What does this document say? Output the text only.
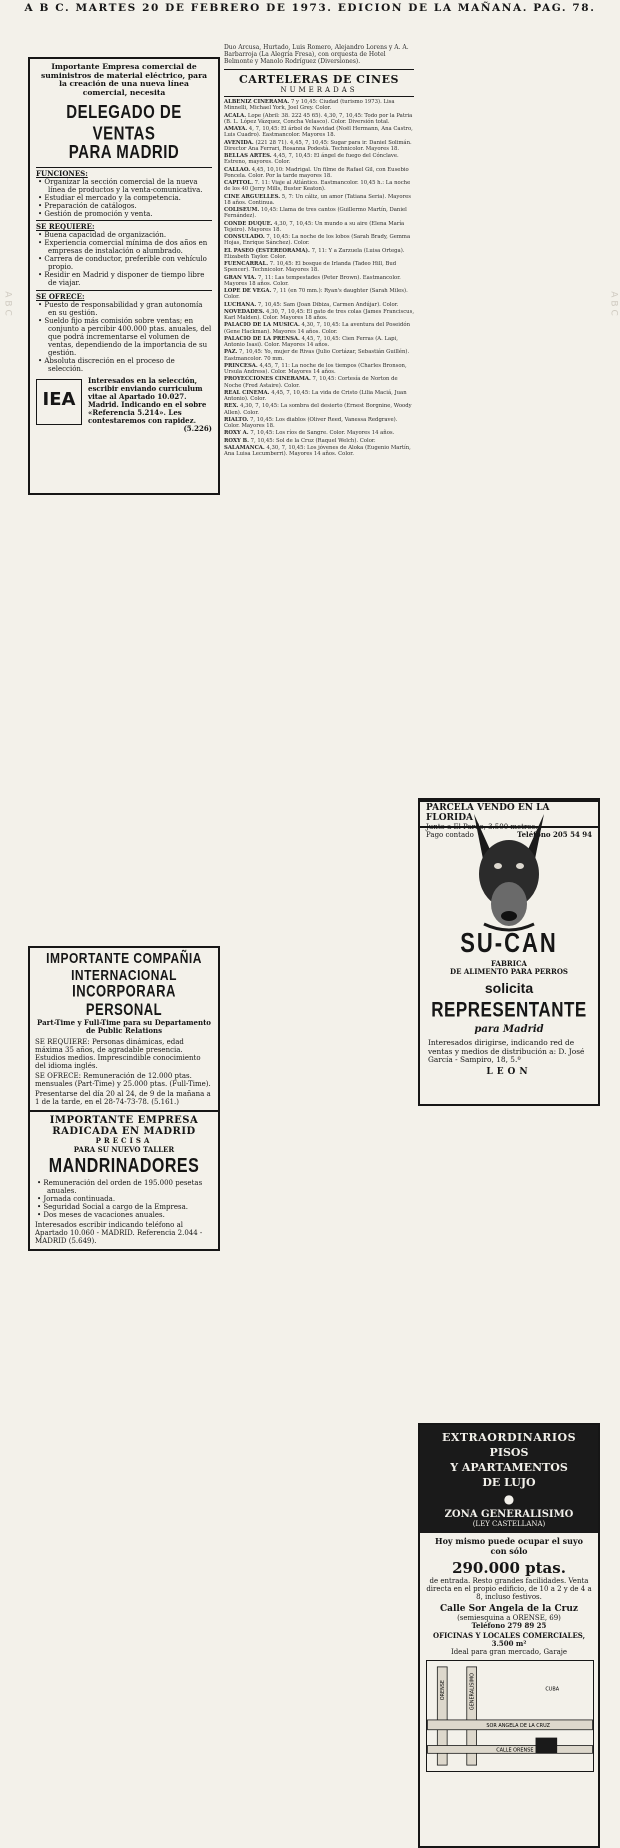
A B C. MARTES 20 DE FEBRERO DE 1973. EDICION DE LA MAÑANA. PAG. 78.
ABC	ABC

Importante Empresa comercial de suministros de material eléctrico, para la creación de una nueva línea comercial, necesita

DELEGADO DE VENTAS

PARA MADRID

FUNCIONES:

• Organizar la sección comercial de la nueva línea de productos y la venta-comunicativa.

• Estudiar el mercado y la competencia.

• Preparación de catálogos.

• Gestión de promoción y venta.

SE REQUIERE:

• Buena capacidad de organización.

• Experiencia comercial mínima de dos años en empresas de instalación o alumbrado.

• Carrera de conductor, preferible con vehículo propio.

• Residir en Madrid y disponer de tiempo libre de viajar.

SE OFRECE:

• Puesto de responsabilidad y gran autonomía en su gestión.

• Sueldo fijo más comisión sobre ventas; en conjunto a percibir 400.000 ptas. anuales, del que podrá incrementarse el volumen de ventas, dependiendo de la importancia de su gestión.

• Absoluta discreción en el proceso de selección.

IEA

Interesados en la selección, escribir enviando curriculum vitae al Apartado 10.027. Madrid. Indicando en el sobre «Referencia 5.214». Les contestaremos con rapidez.

(5.226)

IMPORTANTE COMPAÑIA

INTERNACIONAL

INCORPORARA PERSONAL

Part-Time y Full-Time para su Departamento de Public Relations

SE REQUIERE: Personas dinámicas, edad máxima 35 años, de agradable presencia. Estudios medios. Imprescindible conocimiento del idioma inglés.

SE OFRECE: Remuneración de 12.000 ptas. mensuales (Part-Time) y 25.000 ptas. (Full-Time).

Presentarse del día 20 al 24, de 9 de la mañana a 1 de la tarde, en el 28-74-73-78. (5.161.)

IMPORTANTE EMPRESA

RADICADA EN MADRID

PRECISA

PARA SU NUEVO TALLER

MANDRINADORES

• Remuneración del orden de 195.000 pesetas anuales.

• Jornada continuada.

• Seguridad Social a cargo de la Empresa.

• Dos meses de vacaciones anuales.

Interesados escribir indicando teléfono al Apartado 10.060 - MADRID. Referencia 2.044 - MADRID (5.649).

Duo Arcusa, Hurtado, Luis Romero, Alejandro Lorens y A. A. Barbarroja (La Alegría Fresa), con orquesta de Hotel Belmonte y Manolo Rodríguez (Diversiones).

CARTELERAS DE CINES

NUMERADAS

ALBENIZ CINERAMA. 7 y 10,45: Ciudad (turismo 1973). Lisa Minnelli, Michael York, Joel Grey. Color.

ACALA. Lope (Abril: 38. 222 45 65). 4,30, 7, 10,45: Todo por la Patria (B. L. López Vázquez, Concha Velasco). Color. Diversión total.

AMAYA. 4, 7, 10,45: El árbol de Navidad (Noël Hermann, Ana Castro, Luis Cuadro). Eastmancolor. Mayores 18.

AVENIDA. (221 28 71). 4,45, 7, 10,45: Sugar para ir. Daniel Solimán. Director Ana Ferrari, Rosanna Podestà. Technicolor. Mayores 18.

BELLAS ARTES. 4,45, 7, 10,45: El ángel de fuego del Cónclave. Estreno, mayores. Color.

CALLAO. 4,45, 10,10: Madrigal. Un filme de Rafael Gil, con Eusebio Poncela. Color. Por la tarde mayores 18.

CAPITOL. 7. 11: Viaje al Atlántico. Eastmancolor. 10,45 h.: La noche de los 40 (Jerry Mills, Buster Keaton).

CINE ARGUELLES. 5, 7: Un cáliz, un amor (Tatiana Seria). Mayores 18 años. Continua.

COLISEUM. 10,45: Llama de tres cantos (Guillermo Martín, Daniel Fernández).

CONDE DUQUE. 4,30, 7, 10,45: Un mundo a su aire (Elena María Tejeiro). Mayores 18.

CONSULADO. 7, 10,45: La noche de los lobos (Sarah Brady, Gemma Hojas, Enrique Sánchez). Color.

EL PASEO (ESTEREORAMA). 7, 11: Y a Zarzuela (Luisa Ortega). Elizabeth Taylor. Color.

FUENCARRAL. 7. 10,45: El bosque de Irlanda (Tadeo Hill, Bud Spencer). Technicolor. Mayores 18.

GRAN VIA. 7, 11: Las tempestades (Peter Brown). Eastmancolor. Mayores 18 años. Color.

LOPE DE VEGA. 7, 11 (en 70 mm.): Ryan's daughter (Sarah Miles). Color.

LUCHANA. 7, 10,45: Sam (Joan Dibiza, Carmen Andújar). Color.

NOVEDADES. 4,30, 7, 10,45: El gato de tres colas (James Franciscus, Karl Malden). Color. Mayores 18 años.

PALACIO DE LA MUSICA. 4,30, 7, 10,45: La aventura del Poseidón (Gene Hackman). Mayores 14 años. Color.

PALACIO DE LA PRENSA. 4,45, 7, 10,45: Cien Ferras (A. Lapi, Antonio Isasi). Color. Mayores 14 años.

PAZ. 7, 10,45: Yo, mujer de Rivas (Julio Cortázar, Sebastián Guillén). Eastmancolor. 70 mm.

PRINCESA. 4,45, 7, 11: La noche de los tiempos (Charles Bronson, Ursula Andress). Color. Mayores 14 años.

PROYECCIONES CINERAMA. 7, 10,45: Cortesía de Norton de Noche (Fred Astaire). Color.

REAL CINEMA. 4,45, 7, 10,45: La vida de Cristo (Lilia Maciá, Juan Antonio). Color.

REX. 4,30, 7, 10,45: La sombra del desierto (Ernest Borgnine, Woody Allen). Color.

RIALTO. 7, 10,45: Los diablos (Oliver Reed, Vanessa Redgrave). Color. Mayores 18.

ROXY A. 7, 10,45: Los ríos de Sangre. Color. Mayores 14 años.

ROXY B. 7, 10,45: Sol de la Cruz (Raquel Welch). Color.

SALAMANCA. 4,30, 7, 10,45: Los jóvenes de Aloka (Eugenio Martín, Ana Luisa Lecumberri). Mayores 14 años. Color.

SU-CAN

FABRICA

DE ALIMENTO PARA PERROS

solicita

REPRESENTANTE

para Madrid

Interesados dirigirse, indicando red de ventas y medios de distribución a: D. José García - Sampiro, 18, 5.º

LEON

EXTRAORDINARIOS

PISOS

Y APARTAMENTOS

DE LUJO

●

ZONA GENERALISIMO

(LEY CASTELLANA)

Hoy mismo puede ocupar el suyo con sólo

290.000 ptas.

de entrada. Resto grandes facilidades. Venta directa en el propio edificio, de 10 a 2 y de 4 a 8, incluso festivos.

Calle Sor Angela de la Cruz

(semiesquina a ORENSE, 69)

Teléfono 279 89 25

OFICINAS Y LOCALES COMERCIALES, 3.500 m²

Ideal para gran mercado, Garaje

ORENSE	GENERALISIMO
SOR ANGELA DE LA CRUZ
CALLE ORENSE
CUBA

PARCELA VENDO EN LA FLORIDA

Junto a El Pardo, 3.500 metros.

Pago contado	Teléfono 205 54 94
